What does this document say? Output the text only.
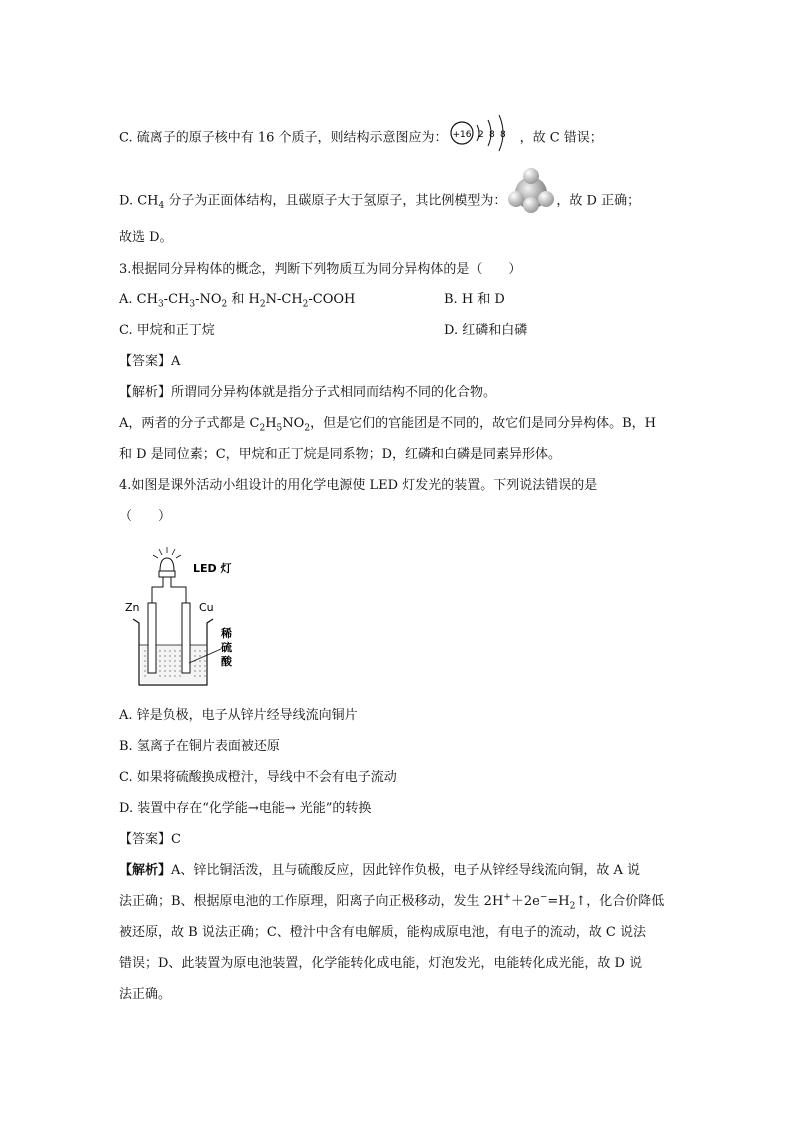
C. 硫离子的原子核中有 16 个质子，则结构示意图应为： +16 2 8 8 ，故 C 错误；
D. $CH_4$ 分子为正面体结构，且碳原子大于氢原子，其比例模型为：	，故 D 正确；
故选 D。
3.根据同分异构体的概念，判断下列物质互为同分异构体的是（　　）
A. $CH_3-CH_3-NO_2$ 和 $H_2N-CH_2$-COOH	B. H 和 D
C. 甲烷和正丁烷	D. 红磷和白磷
【答案】A
【解析】所谓同分异构体就是指分子式相同而结构不同的化合物。
A，两者的分子式都是 $C_2H_5NO_2$，但是它们的官能团是不同的，故它们是同分异构体。B，H
和 D 是同位素；C，甲烷和正丁烷是同系物；D，红磷和白磷是同素异形体。
4.如图是课外活动小组设计的用化学电源使 LED 灯发光的装置。下列说法错误的是
（　　）
LED 灯
Zn	Cu
稀
硫
酸
A. 锌是负极，电子从锌片经导线流向铜片
B. 氢离子在铜片表面被还原
C. 如果将硫酸换成橙汁，导线中不会有电子流动
D. 装置中存在“化学能→电能→ 光能”的转换
【答案】C
【解析】A、锌比铜活泼，且与硫酸反应，因此锌作负极，电子从锌经导线流向铜，故 A 说
法正确；B、根据原电池的工作原理，阳离子向正极移动，发生 $2H^++2e^-=H_2↑$，化合价降低
被还原，故 B 说法正确；C、橙汁中含有电解质，能构成原电池，有电子的流动，故 C 说法
错误；D、此装置为原电池装置，化学能转化成电能，灯泡发光，电能转化成光能，故 D 说
法正确。
